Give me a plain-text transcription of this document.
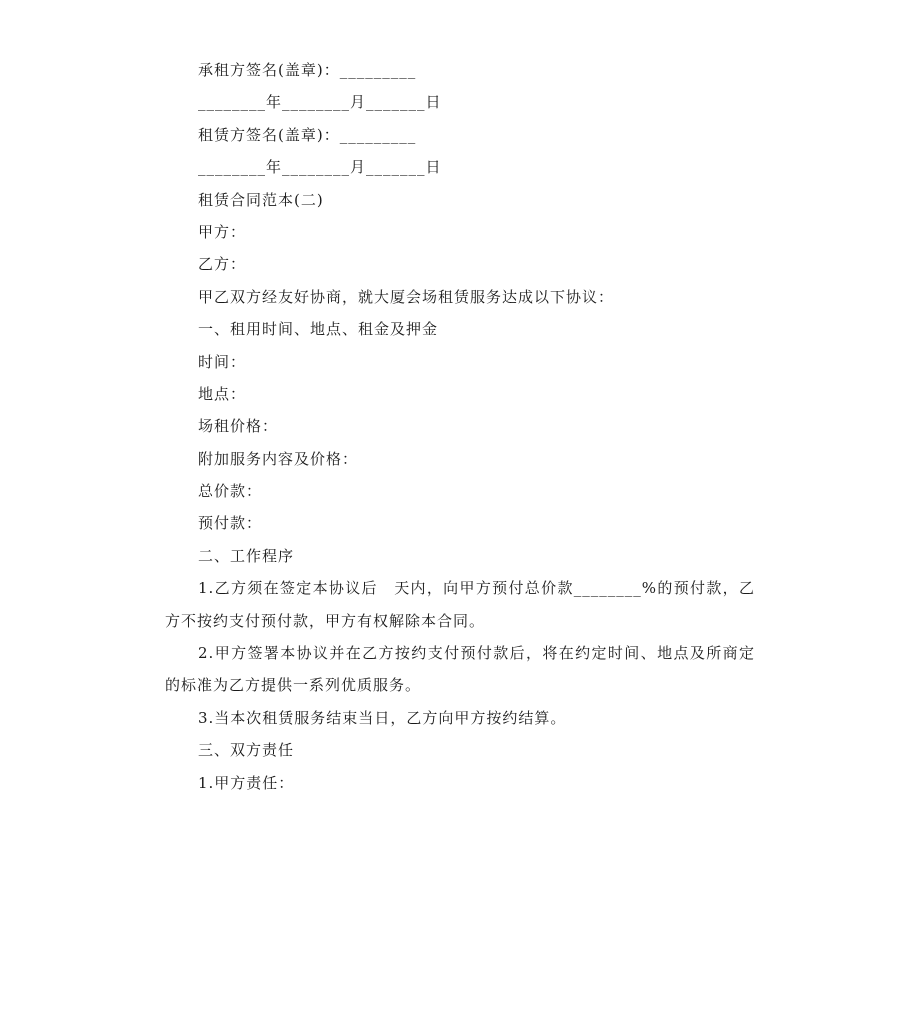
承租方签名(盖章)：_________

________年________月_______日

租赁方签名(盖章)：_________

________年________月_______日

租赁合同范本(二)

甲方：

乙方：

甲乙双方经友好协商，就大厦会场租赁服务达成以下协议：

一、租用时间、地点、租金及押金

时间：

地点：

场租价格：

附加服务内容及价格：

总价款：

预付款：

二、工作程序

1.乙方须在签定本协议后　天内，向甲方预付总价款________%的预付款，乙方不按约支付预付款，甲方有权解除本合同。

2.甲方签署本协议并在乙方按约支付预付款后，将在约定时间、地点及所商定的标准为乙方提供一系列优质服务。

3.当本次租赁服务结束当日，乙方向甲方按约结算。

三、双方责任

1.甲方责任：
